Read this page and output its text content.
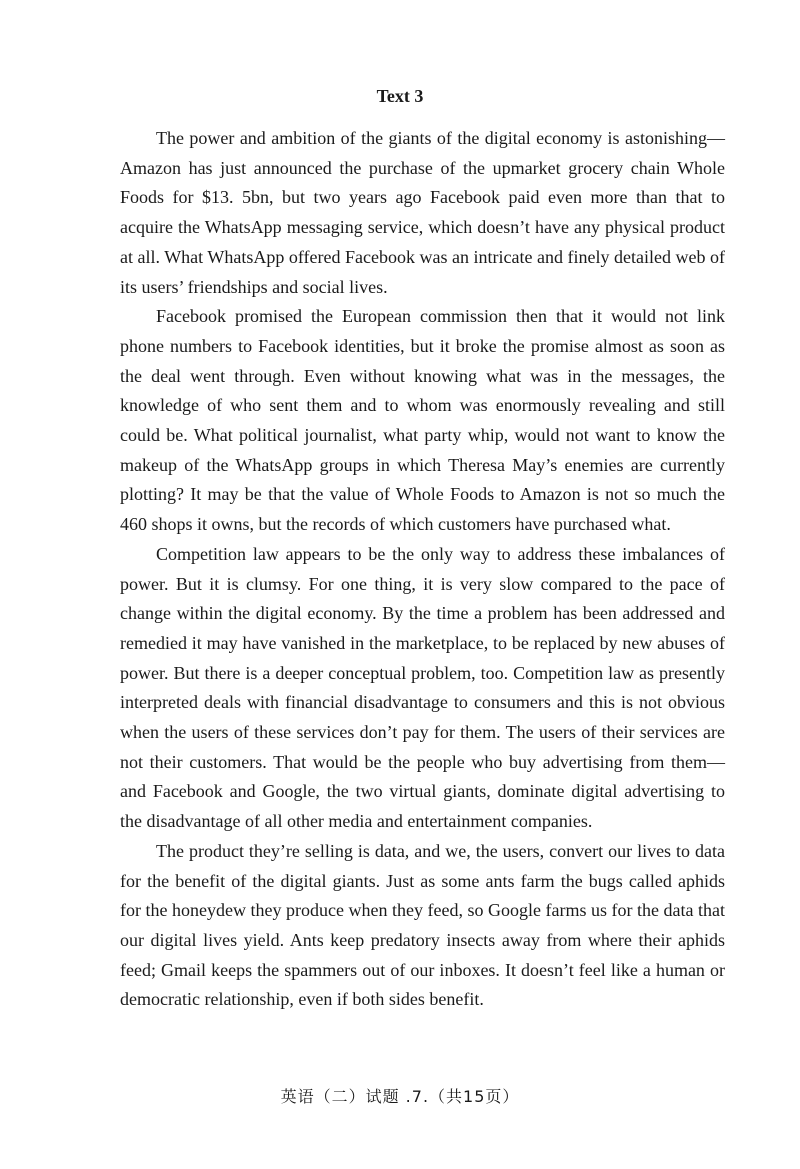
Text 3

The power and ambition of the giants of the digital economy is astonishing—Amazon has just announced the purchase of the upmarket grocery chain Whole Foods for $13. 5bn, but two years ago Facebook paid even more than that to acquire the WhatsApp messaging service, which doesn’t have any physical product at all. What WhatsApp offered Facebook was an intricate and finely detailed web of its users’ friendships and social lives.

Facebook promised the European commission then that it would not link phone numbers to Facebook identities, but it broke the promise almost as soon as the deal went through. Even without knowing what was in the messages, the knowledge of who sent them and to whom was enormously revealing and still could be. What political journalist, what party whip, would not want to know the makeup of the WhatsApp groups in which Theresa May’s enemies are currently plotting? It may be that the value of Whole Foods to Amazon is not so much the 460 shops it owns, but the records of which customers have purchased what.

Competition law appears to be the only way to address these imbalances of power. But it is clumsy. For one thing, it is very slow compared to the pace of change within the digital economy. By the time a problem has been addressed and remedied it may have vanished in the marketplace, to be replaced by new abuses of power. But there is a deeper conceptual problem, too. Competition law as presently interpreted deals with financial disadvantage to consumers and this is not obvious when the users of these services don’t pay for them. The users of their services are not their customers. That would be the people who buy advertising from them—and Facebook and Google, the two virtual giants, dominate digital advertising to the disadvantage of all other media and entertainment companies.

The product they’re selling is data, and we, the users, convert our lives to data for the benefit of the digital giants. Just as some ants farm the bugs called aphids for the honeydew they produce when they feed, so Google farms us for the data that our digital lives yield. Ants keep predatory insects away from where their aphids feed; Gmail keeps the spammers out of our inboxes. It doesn’t feel like a human or democratic relationship, even if both sides benefit.

英语（二）试题 .7.（共15页）
